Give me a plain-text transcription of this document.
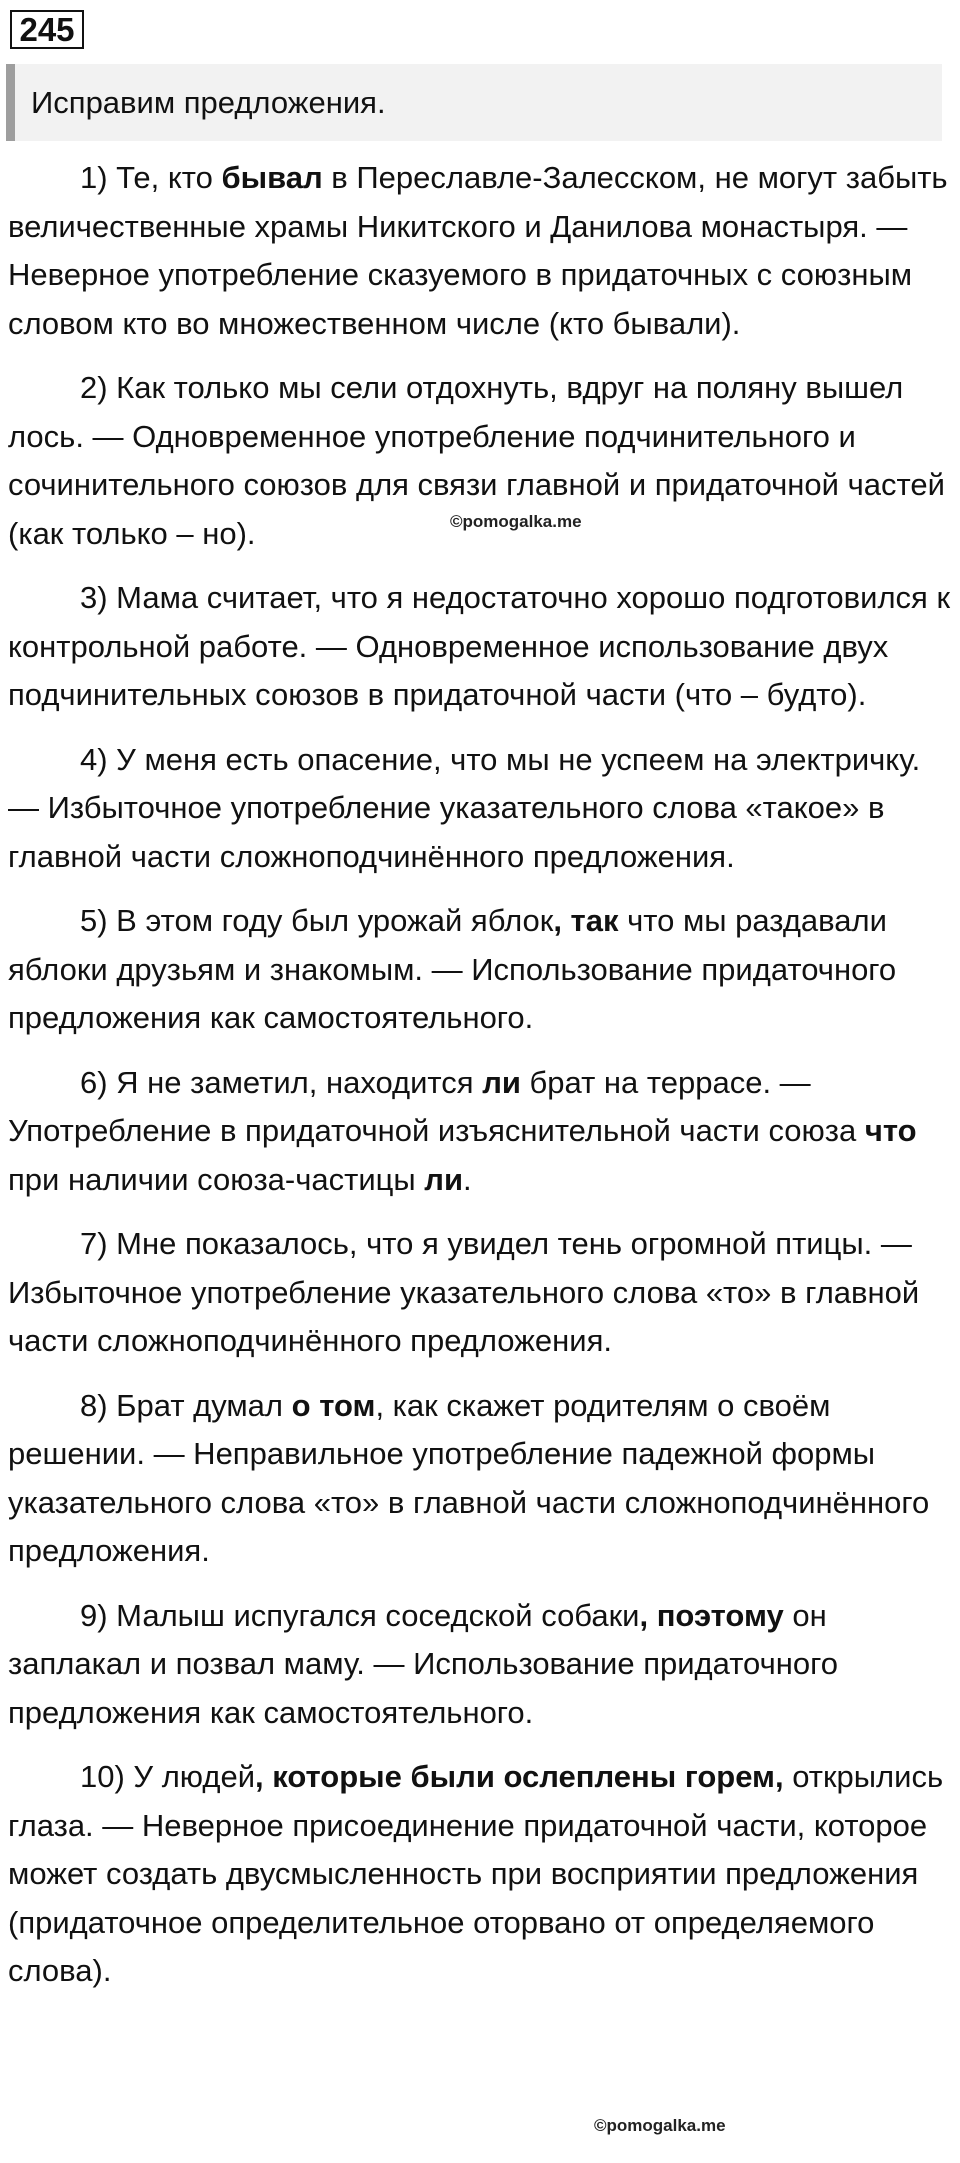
245
Исправим предложения.

1) Те, кто бывал в Переславле-Залесском, не могут забыть величественные храмы Никитского и Данилова монастыря. — Неверное употребление сказуемого в придаточных с союзным словом кто во множественном числе (кто бывали).

2) Как только мы сели отдохнуть, вдруг на поляну вышел лось. — Одновременное употребление подчинительного и сочинительного союзов для связи главной и придаточной частей (как только – но).

3) Мама считает, что я недостаточно хорошо подготовился к контрольной работе. — Одновременное использование двух подчинительных союзов в придаточной части (что – будто).

4) У меня есть опасение, что мы не успеем на электричку. — Избыточное употребление указательного слова «такое» в главной части сложноподчинённого предложения.

5) В этом году был урожай яблок, так что мы раздавали яблоки друзьям и знакомым. — Использование придаточного предложения как самостоятельного.

6) Я не заметил, находится ли брат на террасе. — Употребление в придаточной изъяснительной части союза что при наличии союза-частицы ли.

7) Мне показалось, что я увидел тень огромной птицы. — Избыточное употребление указательного слова «то» в главной части сложноподчинённого предложения.

8) Брат думал о том, как скажет родителям о своём решении. — Неправильное употребление падежной формы указательного слова «то» в главной части сложноподчинённого предложения.

9) Малыш испугался соседской собаки, поэтому он заплакал и позвал маму. — Использование придаточного предложения как самостоятельного.

10) У людей, которые были ослеплены горем, открылись глаза. — Неверное присоединение придаточной части, которое может создать двусмысленность при восприятии предложения (придаточное определительное оторвано от определяемого слова).

©pomogalka.me
©pomogalka.me
